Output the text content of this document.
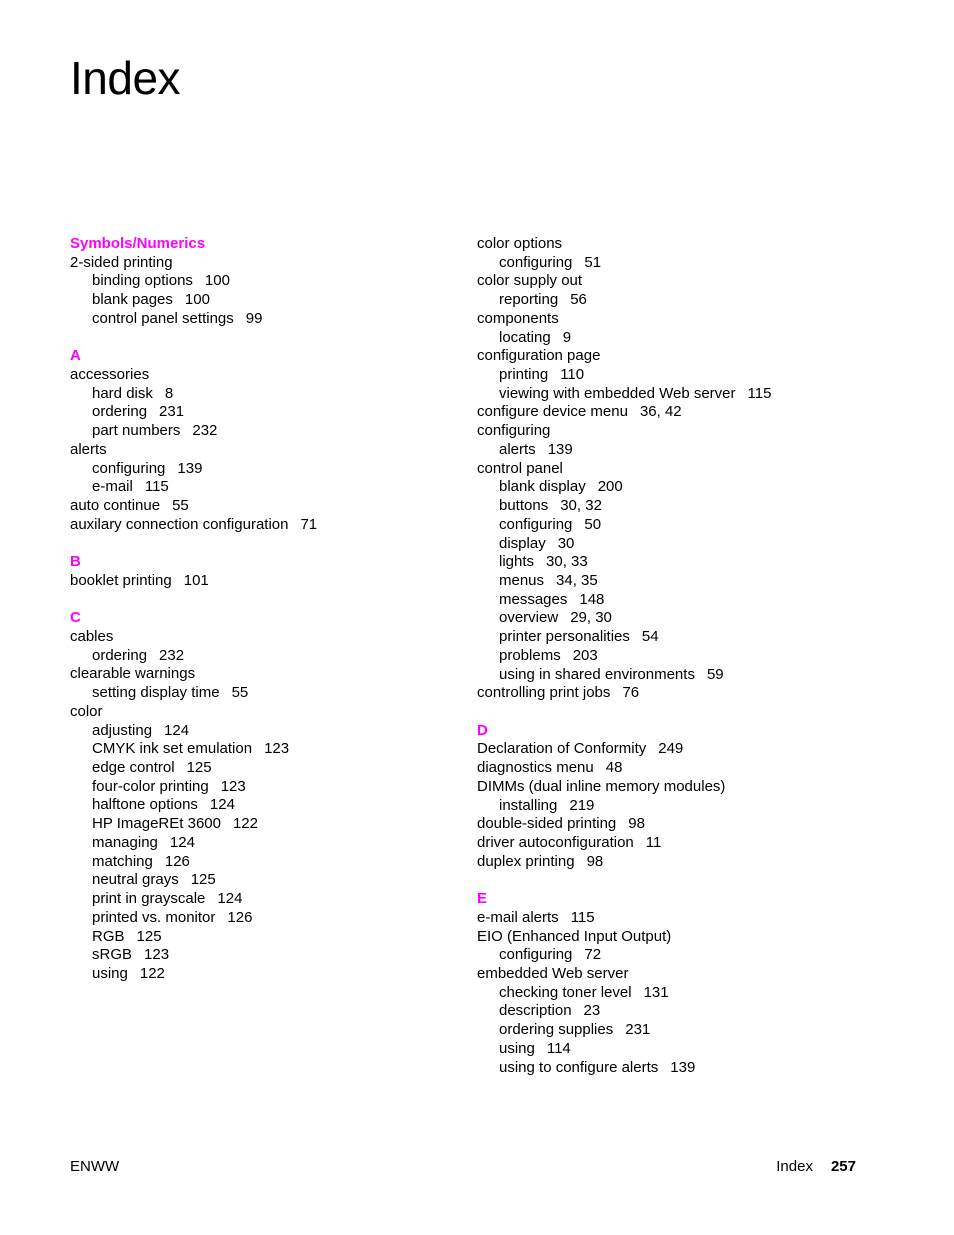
Index
Symbols/Numerics
2-sided printing
binding options 100
blank pages 100
control panel settings 99
A
accessories
hard disk 8
ordering 231
part numbers 232
alerts
configuring 139
e-mail 115
auto continue 55
auxilary connection configuration 71
B
booklet printing 101
C
cables
ordering 232
clearable warnings
setting display time 55
color
adjusting 124
CMYK ink set emulation 123
edge control 125
four-color printing 123
halftone options 124
HP ImageREt 3600 122
managing 124
matching 126
neutral grays 125
print in grayscale 124
printed vs. monitor 126
RGB 125
sRGB 123
using 122
color options
configuring 51
color supply out
reporting 56
components
locating 9
configuration page
printing 110
viewing with embedded Web server 115
configure device menu 36, 42
configuring
alerts 139
control panel
blank display 200
buttons 30, 32
configuring 50
display 30
lights 30, 33
menus 34, 35
messages 148
overview 29, 30
printer personalities 54
problems 203
using in shared environments 59
controlling print jobs 76
D
Declaration of Conformity 249
diagnostics menu 48
DIMMs (dual inline memory modules)
installing 219
double-sided printing 98
driver autoconfiguration 11
duplex printing 98
E
e-mail alerts 115
EIO (Enhanced Input Output)
configuring 72
embedded Web server
checking toner level 131
description 23
ordering supplies 231
using 114
using to configure alerts 139
ENWW	Index 257
